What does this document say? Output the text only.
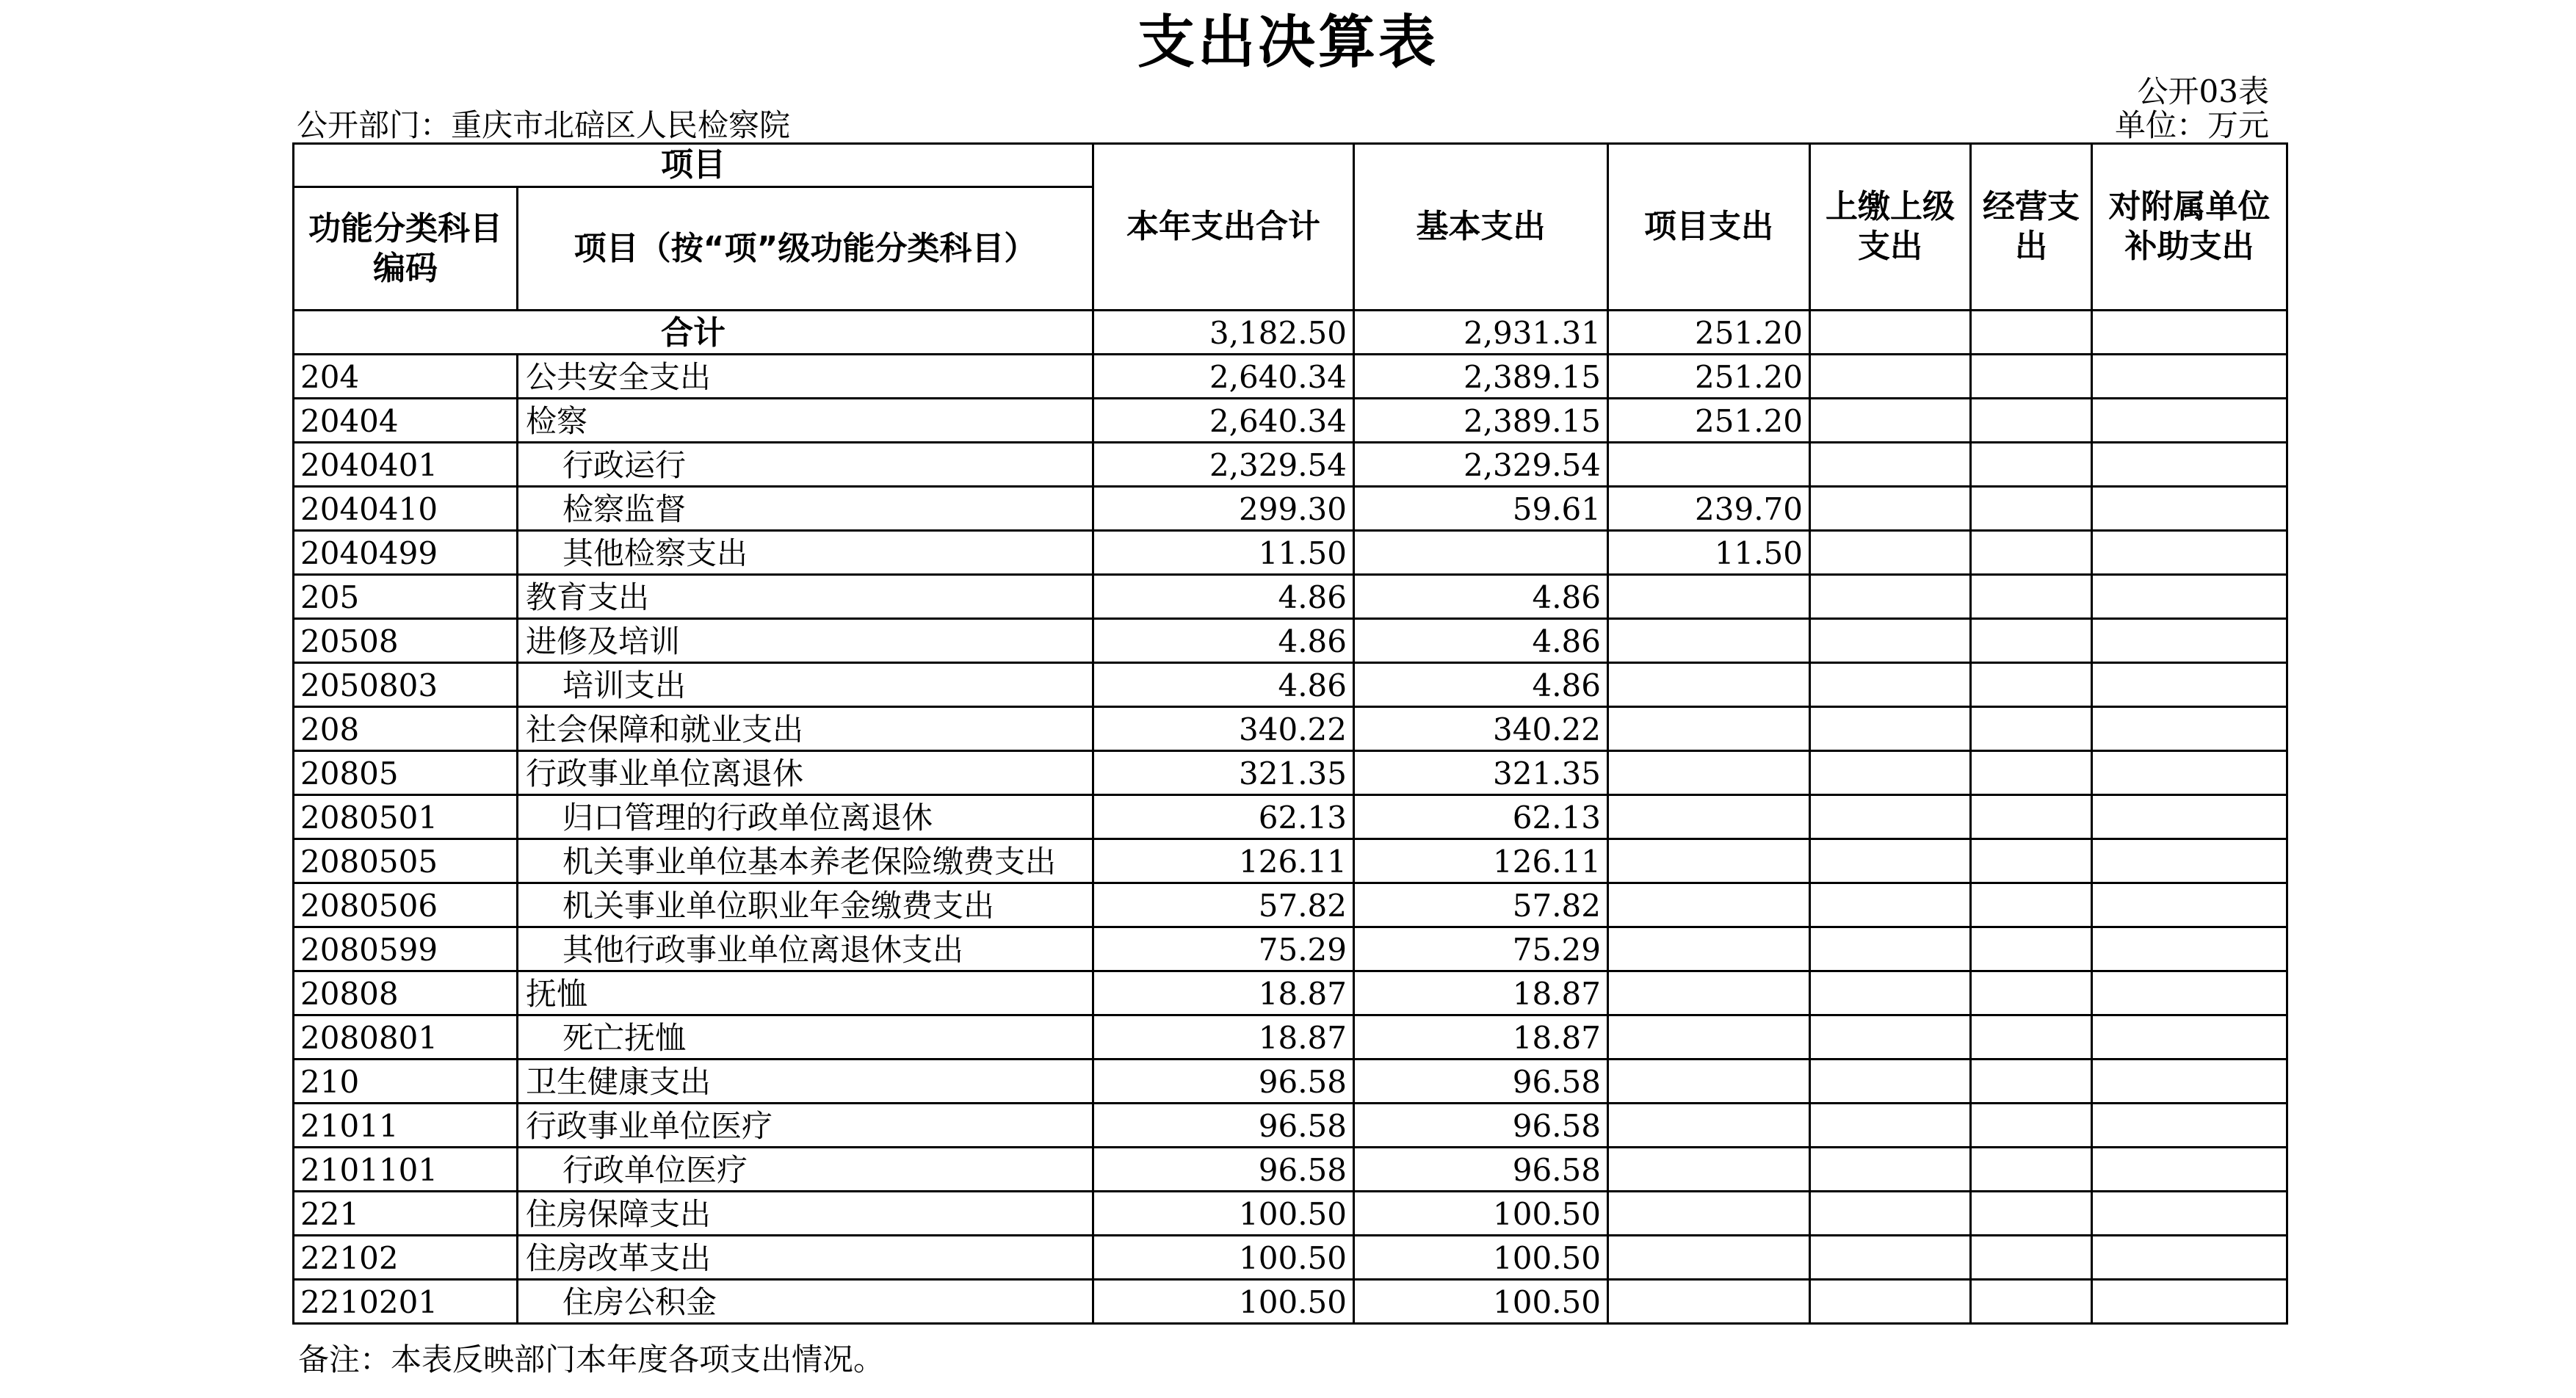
支出决算表
公开03表
公开部门：重庆市北碚区人民检察院	单位：万元
项目		本年支出合计	基本支出	项目支出	上缴上级支出	经营支出	对附属单位补助支出
功能分类科目编码	项目（按“项”级功能分类科目）						
合计		3,182.50	2,931.31	251.20			
204	公共安全支出	2,640.34	2,389.15	251.20			
20404	检察	2,640.34	2,389.15	251.20			
2040401	行政运行	2,329.54	2,329.54				
2040410	检察监督	299.30	59.61	239.70			
2040499	其他检察支出	11.50		11.50			
205	教育支出	4.86	4.86				
20508	进修及培训	4.86	4.86				
2050803	培训支出	4.86	4.86				
208	社会保障和就业支出	340.22	340.22				
20805	行政事业单位离退休	321.35	321.35				
2080501	归口管理的行政单位离退休	62.13	62.13				
2080505	机关事业单位基本养老保险缴费支出	126.11	126.11				
2080506	机关事业单位职业年金缴费支出	57.82	57.82				
2080599	其他行政事业单位离退休支出	75.29	75.29				
20808	抚恤	18.87	18.87				
2080801	死亡抚恤	18.87	18.87				
210	卫生健康支出	96.58	96.58				
21011	行政事业单位医疗	96.58	96.58				
2101101	行政单位医疗	96.58	96.58				
221	住房保障支出	100.50	100.50				
22102	住房改革支出	100.50	100.50				
2210201	住房公积金	100.50	100.50				
备注：本表反映部门本年度各项支出情况。
